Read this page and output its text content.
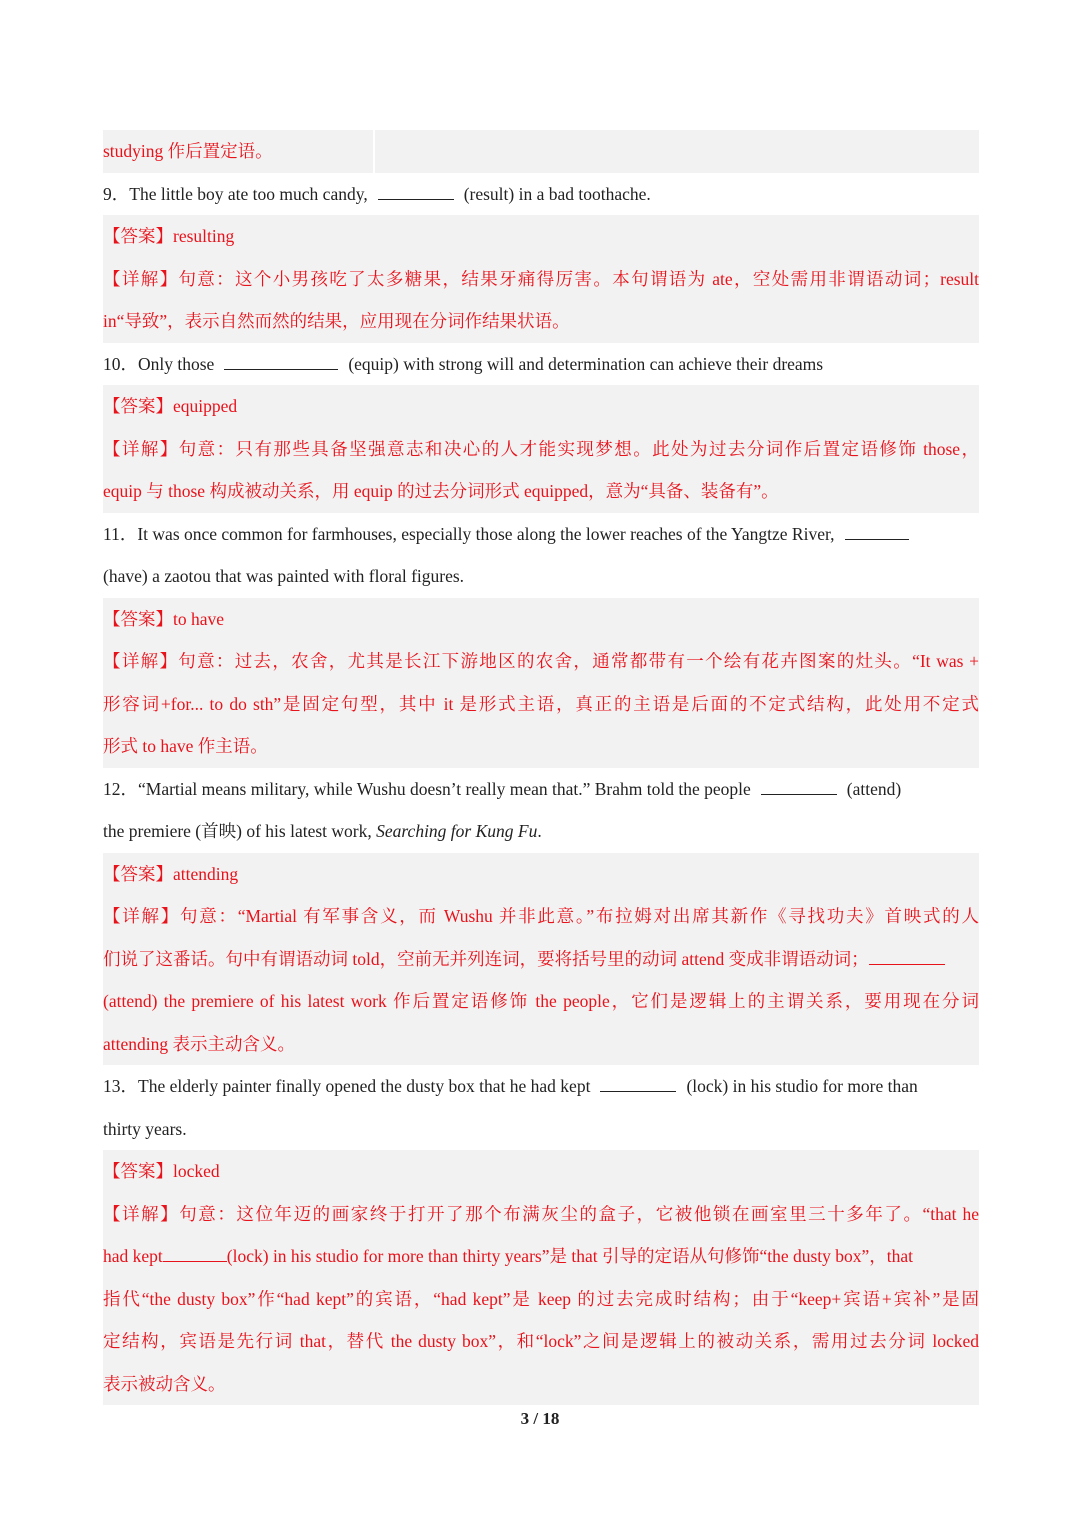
studying 作后置定语。
9．The little boy ate too much candy,	(result) in a bad toothache.
【答案】resulting
【详解】句意：这个小男孩吃了太多糖果，结果牙痛得厉害。本句谓语为 ate，空处需用非谓语动词；result
in“导致”，表示自然而然的结果，应用现在分词作结果状语。
10．Only those	(equip) with strong will and determination can achieve their dreams
【答案】equipped
【详解】句意：只有那些具备坚强意志和决心的人才能实现梦想。此处为过去分词作后置定语修饰 those，
equip 与 those 构成被动关系，用 equip 的过去分词形式 equipped，意为“具备、装备有”。
11．It was once common for farmhouses, especially those along the lower reaches of the Yangtze River,
(have) a zaotou that was painted with floral figures.
【答案】to have
【详解】句意：过去，农舍，尤其是长江下游地区的农舍，通常都带有一个绘有花卉图案的灶头。“It was +
形容词+for... to do sth”是固定句型，其中 it 是形式主语，真正的主语是后面的不定式结构，此处用不定式
形式 to have 作主语。
12．“Martial means military, while Wushu doesn’t really mean that.” Brahm told the people	(attend)
the premiere (首映) of his latest work, Searching for Kung Fu.
【答案】attending
【详解】句意：“Martial 有军事含义，而 Wushu 并非此意。”布拉姆对出席其新作《寻找功夫》首映式的人
们说了这番话。句中有谓语动词 told，空前无并列连词，要将括号里的动词 attend 变成非谓语动词；
(attend) the premiere of his latest work 作后置定语修饰 the people，它们是逻辑上的主谓关系，要用现在分词
attending 表示主动含义。
13．The elderly painter finally opened the dusty box that he had kept	(lock) in his studio for more than
thirty years.
【答案】locked
【详解】句意：这位年迈的画家终于打开了那个布满灰尘的盒子，它被他锁在画室里三十多年了。“that he
had kept	(lock) in his studio for more than thirty years”是 that 引导的定语从句修饰“the dusty box”，that
指代“the dusty box”作“had kept”的宾语，“had kept”是 keep 的过去完成时结构；由于“keep+宾语+宾补”是固
定结构，宾语是先行词 that，替代 the dusty box”，和“lock”之间是逻辑上的被动关系，需用过去分词 locked
表示被动含义。
3 / 18
